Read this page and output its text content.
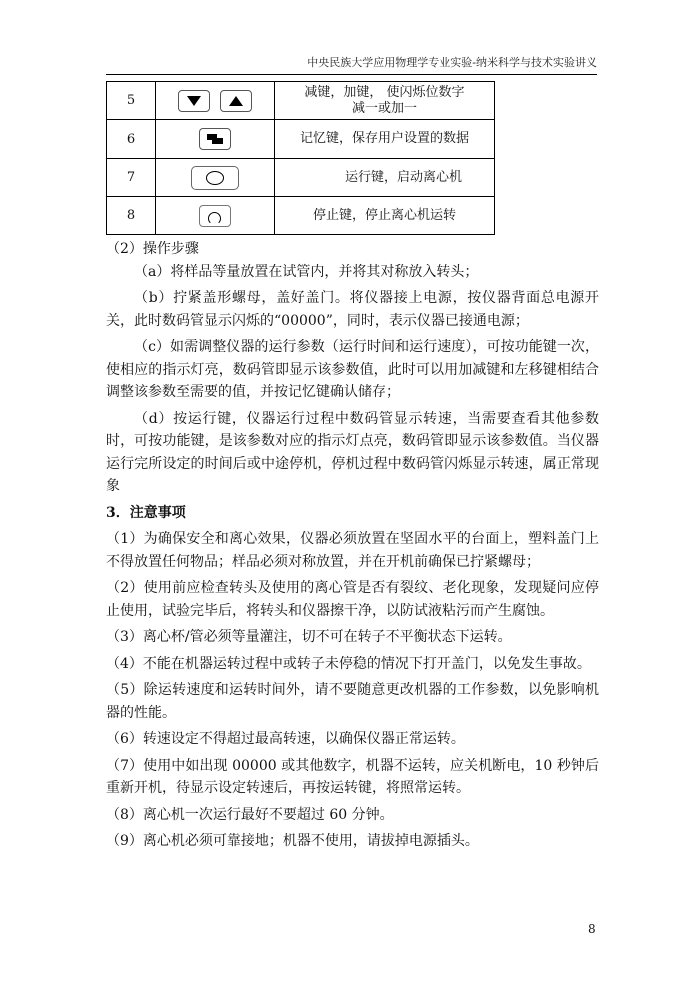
中央民族大学应用物理学专业实验-纳米科学与技术实验讲义
5		减键，加键， 使闪烁位数字
减一或加一

6		记忆键，保存用户设置的数据
7		运行键，启动离心机
8		停止键，停止离心机运转

（2）操作步骤

（a）将样品等量放置在试管内，并将其对称放入转头；

（b）拧紧盖形螺母，盖好盖门。将仪器接上电源，按仪器背面总电源开关，此时数码管显示闪烁的“00000”，同时，表示仪器已接通电源；

（c）如需调整仪器的运行参数（运行时间和运行速度），可按功能键一次，使相应的指示灯亮，数码管即显示该参数值，此时可以用加减键和左移键相结合调整该参数至需要的值，并按记忆键确认储存；

（d）按运行键，仪器运行过程中数码管显示转速，当需要查看其他参数时，可按功能键，是该参数对应的指示灯点亮，数码管即显示该参数值。当仪器运行完所设定的时间后或中途停机，停机过程中数码管闪烁显示转速，属正常现象

3．注意事项

（1）为确保安全和离心效果，仪器必须放置在坚固水平的台面上，塑料盖门上不得放置任何物品；样品必须对称放置，并在开机前确保已拧紧螺母；

（2）使用前应检查转头及使用的离心管是否有裂纹、老化现象，发现疑问应停止使用，试验完毕后，将转头和仪器擦干净，以防试液粘污而产生腐蚀。

（3）离心杯/管必须等量灌注，切不可在转子不平衡状态下运转。

（4）不能在机器运转过程中或转子未停稳的情况下打开盖门，以免发生事故。

（5）除运转速度和运转时间外，请不要随意更改机器的工作参数，以免影响机器的性能。

（6）转速设定不得超过最高转速，以确保仪器正常运转。

（7）使用中如出现 00000 或其他数字，机器不运转，应关机断电，10 秒钟后重新开机，待显示设定转速后，再按运转键，将照常运转。

（8）离心机一次运行最好不要超过 60 分钟。

（9）离心机必须可靠接地；机器不使用，请拔掉电源插头。

8
